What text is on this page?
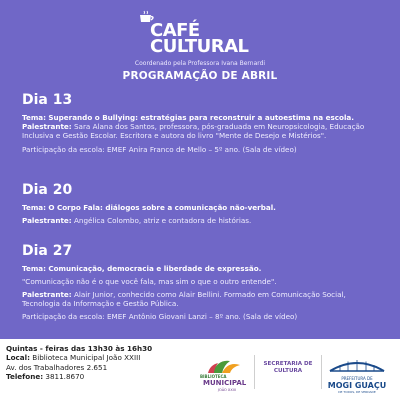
CAFÉ
CULTURAL
Coordenado pela Professora Ivana Bernardi
PROGRAMAÇÃO DE ABRIL
Dia 13
Tema: Superando o Bullying: estratégias para reconstruir a autoestima na escola.
Palestrante: Sara Alana dos Santos, professora, pós-graduada em Neuropsicologia, Educação Inclusiva e Gestão Escolar. Escritora e autora do livro "Mente de Desejo e Mistérios".
Participação da escola: EMEF Anira Franco de Mello – 5º ano. (Sala de vídeo)
Dia 20
Tema: O Corpo Fala: diálogos sobre a comunicação não-verbal.
Palestrante: Angélica Colombo, atriz e contadora de histórias.
Dia 27
Tema: Comunicação, democracia e liberdade de expressão.
"Comunicação não é o que você fala, mas sim o que o outro entende".
Palestrante: Alair Junior, conhecido como Alair Bellini. Formado em Comunicação Social, Tecnologia da Informação e Gestão Pública.
Participação da escola: EMEF Antônio Giovani Lanzi – 8º ano. (Sala de vídeo)
Quintas - feiras das 13h30 às 16h30
Local: Biblioteca Municipal João XXIII
Av. dos Trabalhadores 2.651
Telefone: 3811.8670	BIBLIOTECA
MUNICIPAL
JOÃO XXIII
SECRETARIA DE
CULTURA
PREFEITURA DE
MOGI GUAÇU
DE TODOS, DE VERDADE
